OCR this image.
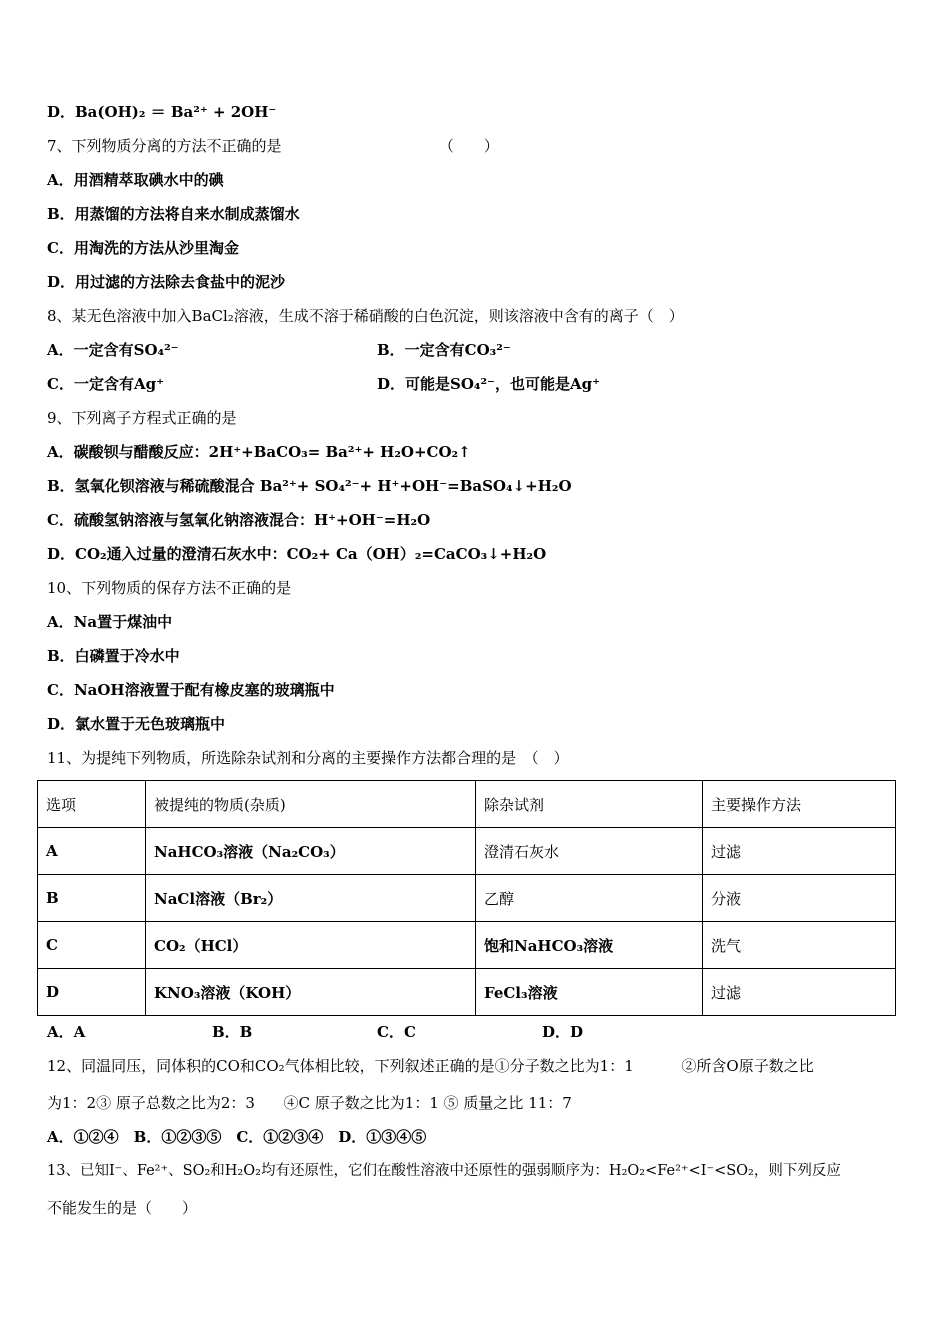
D．Ba(OH)₂ ＝ Ba²⁺ + 2OH⁻
7、下列物质分离的方法不正确的是                                 （　　）
A．用酒精萃取碘水中的碘
B．用蒸馏的方法将自来水制成蒸馏水
C．用淘洗的方法从沙里淘金
D．用过滤的方法除去食盐中的泥沙
8、某无色溶液中加入BaCl₂溶液，生成不溶于稀硝酸的白色沉淀，则该溶液中含有的离子（　）
A．一定含有SO₄²⁻	B．一定含有CO₃²⁻
C．一定含有Ag⁺	D．可能是SO₄²⁻，也可能是Ag⁺
9、下列离子方程式正确的是
A．碳酸钡与醋酸反应：2H⁺+BaCO₃= Ba²⁺+ H₂O+CO₂↑
B．氢氧化钡溶液与稀硫酸混合 Ba²⁺+ SO₄²⁻+ H⁺+OH⁻=BaSO₄↓+H₂O
C．硫酸氢钠溶液与氢氧化钠溶液混合：H⁺+OH⁻=H₂O
D．CO₂通入过量的澄清石灰水中：CO₂+ Ca（OH）₂=CaCO₃↓+H₂O
10、下列物质的保存方法不正确的是
A．Na置于煤油中
B．白磷置于冷水中
C．NaOH溶液置于配有橡皮塞的玻璃瓶中
D．氯水置于无色玻璃瓶中
11、为提纯下列物质，所选除杂试剂和分离的主要操作方法都合理的是　（　）
选项	被提纯的物质(杂质)	除杂试剂	主要操作方法
A	NaHCO₃溶液（Na₂CO₃）	澄清石灰水	过滤
B	NaCl溶液（Br₂）	乙醇	分液
C	CO₂（HCl）	饱和NaHCO₃溶液	洗气
D	KNO₃溶液（KOH）	FeCl₃溶液	过滤
A．A	B．B	C．C	D．D
12、同温同压，同体积的CO和CO₂气体相比较，下列叙述正确的是①分子数之比为1：1          ②所含O原子数之比
为1：2③ 原子总数之比为2：3      ④C 原子数之比为1：1 ⑤ 质量之比 11：7
A．①②④　B．①②③⑤　C．①②③④　D．①③④⑤
13、已知I⁻、Fe²⁺、SO₂和H₂O₂均有还原性，它们在酸性溶液中还原性的强弱顺序为：H₂O₂<Fe²⁺<I⁻<SO₂，则下列反应
不能发生的是（　　）
